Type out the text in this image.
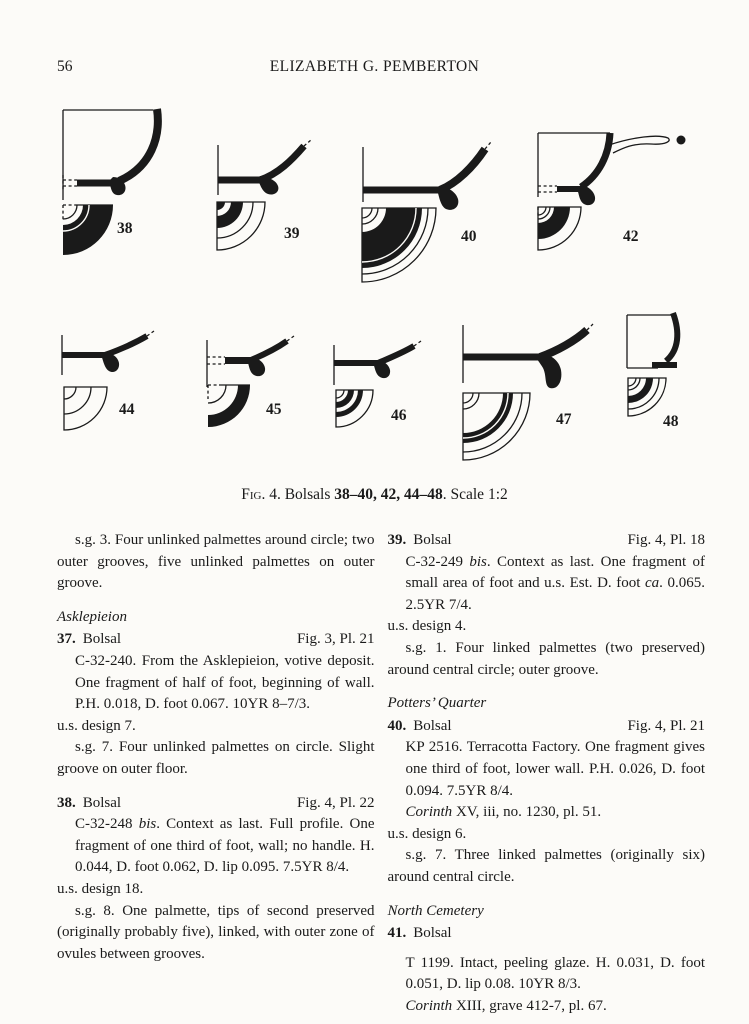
56	ELIZABETH G. PEMBERTON
38	39	40	42
44	45	46	47	48
Fig. 4. Bolsals 38–40, 42, 44–48. Scale 1:2

s.g. 3. Four unlinked palmettes around circle; two outer grooves, five unlinked palmettes on outer groove.

Asklepieion

37. Bolsal	Fig. 3, Pl. 21

C-32-240. From the Asklepieion, votive deposit. One fragment of half of foot, beginning of wall. P.H. 0.018, D. foot 0.067. 10YR 8–7/3.

u.s. design 7.

s.g. 7. Four unlinked palmettes on circle. Slight groove on outer floor.

38. Bolsal	Fig. 4, Pl. 22

C-32-248 bis. Context as last. Full profile. One fragment of one third of foot, wall; no handle. H. 0.044, D. foot 0.062, D. lip 0.095. 7.5YR 8/4.

u.s. design 18.

s.g. 8. One palmette, tips of second preserved (originally probably five), linked, with outer zone of ovules between grooves.

39. Bolsal	Fig. 4, Pl. 18

C-32-249 bis. Context as last. One fragment of small area of foot and u.s. Est. D. foot ca. 0.065. 2.5YR 7/4.

u.s. design 4.

s.g. 1. Four linked palmettes (two preserved) around central circle; outer groove.

Potters’ Quarter

40. Bolsal	Fig. 4, Pl. 21

KP 2516. Terracotta Factory. One fragment gives one third of foot, lower wall. P.H. 0.026, D. foot 0.094. 7.5YR 8/4.

Corinth XV, iii, no. 1230, pl. 51.

u.s. design 6.

s.g. 7. Three linked palmettes (originally six) around central circle.

North Cemetery

41. Bolsal

T 1199. Intact, peeling glaze. H. 0.031, D. foot 0.051, D. lip 0.08. 10YR 8/3.

Corinth XIII, grave 412-7, pl. 67.
